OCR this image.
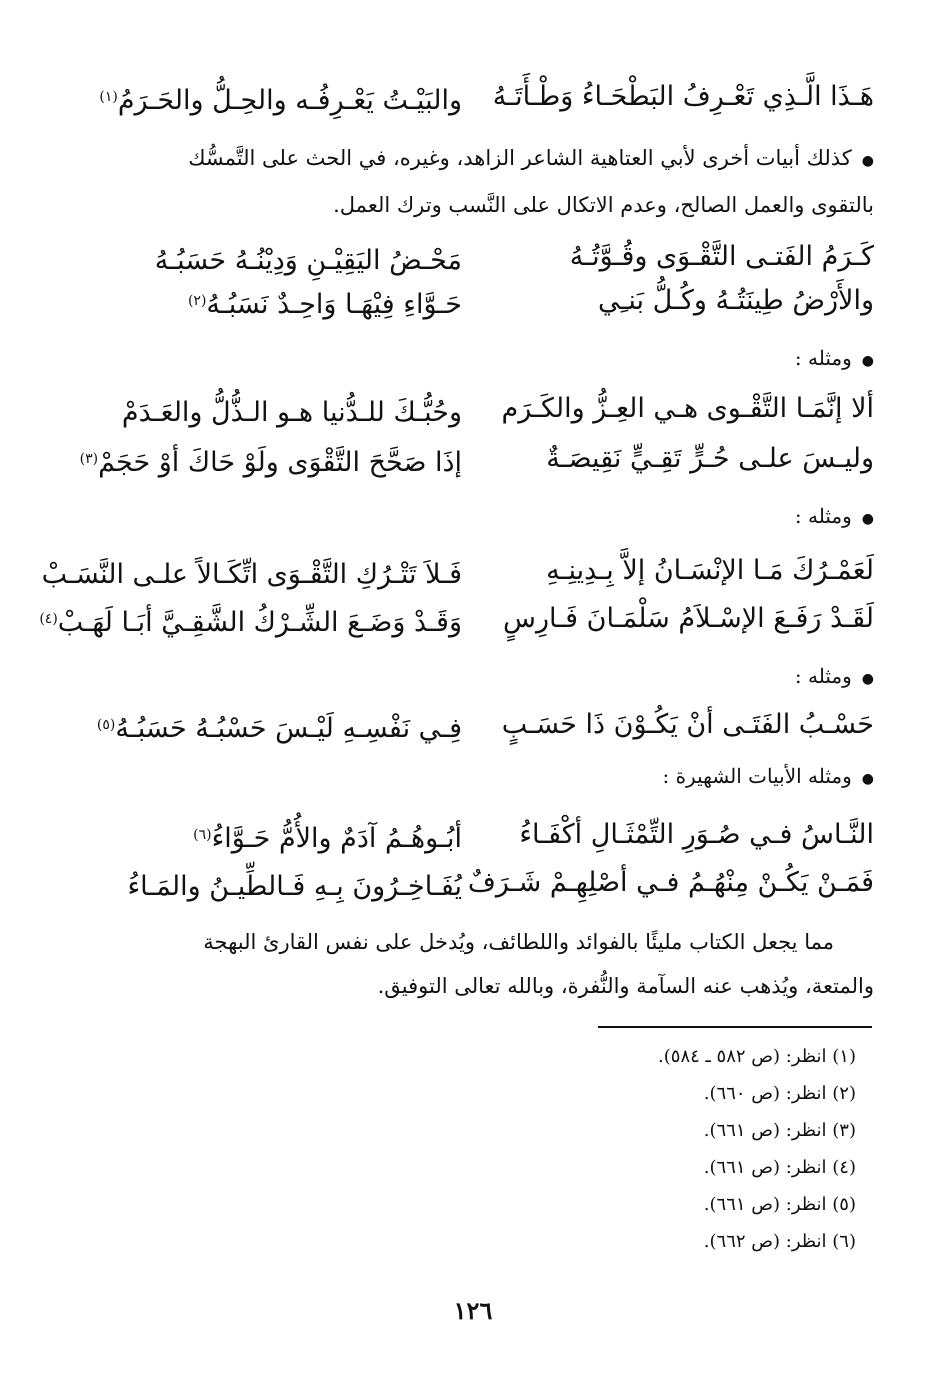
هَـذَا الَّـذِي تَعْـرِفُ البَطْحَـاءُ وَطْـأَتَـهُ
والبَيْـتُ يَعْـرِفُـه والحِـلُّ والحَـرَمُ$^{(١)}$
●كذلك أبيات أخرى لأبي العتاهية الشاعر الزاهد، وغيره، في الحث على التَّمسُّك
بالتقوى والعمل الصالح، وعدم الاتكال على النَّسب وترك العمل.
كَـرَمُ الفَتـى التَّقْـوَى وقُـوَّتُـهُ
مَحْـضُ اليَقِيْـنِ وَدِيْنُـهُ حَسَبُـهُ
والأَرْضُ طِينَتُـهُ وكُـلُّ بَنـِي
حَـوَّاءِ فِيْهَـا وَاحِـدٌ نَسَبُـهُ$^{(٢)}$
●ومثله :
ألا إنَّمَـا التَّقْـوى هـي العِـزُّ والكَـرَم
وحُبُّـكَ للـدُّنيا هـو الـذُّلُّ والعَـدَمْ
وليـسَ علـى حُـرٍّ تَقِـيٍّ نَقِيصَـةٌ
إذَا صَحَّحَ التَّقْوَى ولَوْ حَاكَ أوْ حَجَمْ$^{(٣)}$
●ومثله :
لَعَمْـرُكَ مَـا الإنْسَـانُ إلاَّ بِـدِينِـهِ
فَـلاَ تَتْـرُكِ التَّقْـوَى اتِّكَـالاً علـى النَّسَـبْ
لَقَـدْ رَفَـعَ الإسْـلاَمُ سَلْمَـانَ فَـارِسٍ
وَقَـدْ وَضَـعَ الشِّـرْكُ الشَّقِـيَّ أبَـا لَهَـبْ$^{(٤)}$
●ومثله :
حَسْـبُ الفَتَـى أنْ يَكُـوْنَ ذَا حَسَـبٍ
فِـي نَفْسِـهِ لَيْـسَ حَسْبُـهُ حَسَبُـهُ$^{(٥)}$
●ومثله الأبيات الشهيرة :
النَّـاسُ فـي صُـوَرِ التِّمْثَـالِ أكْفَـاءُ
أبُـوهُـمُ آدَمٌ والأُمُّ حَـوَّاءُ$^{(٦)}$
فَمَـنْ يَكُـنْ مِنْهُـمُ فـي أصْلِهِـمْ شَـرَفٌ
يُفَـاخِـرُونَ بِـهِ فَـالطِّيـنُ والمَـاءُ
مما يجعل الكتاب مليئًا بالفوائد واللطائف، ويُدخل على نفس القارئ البهجة
والمتعة، ويُذهب عنه السآمة والنُّفرة، وبالله تعالى التوفيق.
(١) انظر: (ص ٥٨٢ ـ ٥٨٤).
(٢) انظر: (ص ٦٦٠).
(٣) انظر: (ص ٦٦١).
(٤) انظر: (ص ٦٦١).
(٥) انظر: (ص ٦٦١).
(٦) انظر: (ص ٦٦٢).
١٢٦
